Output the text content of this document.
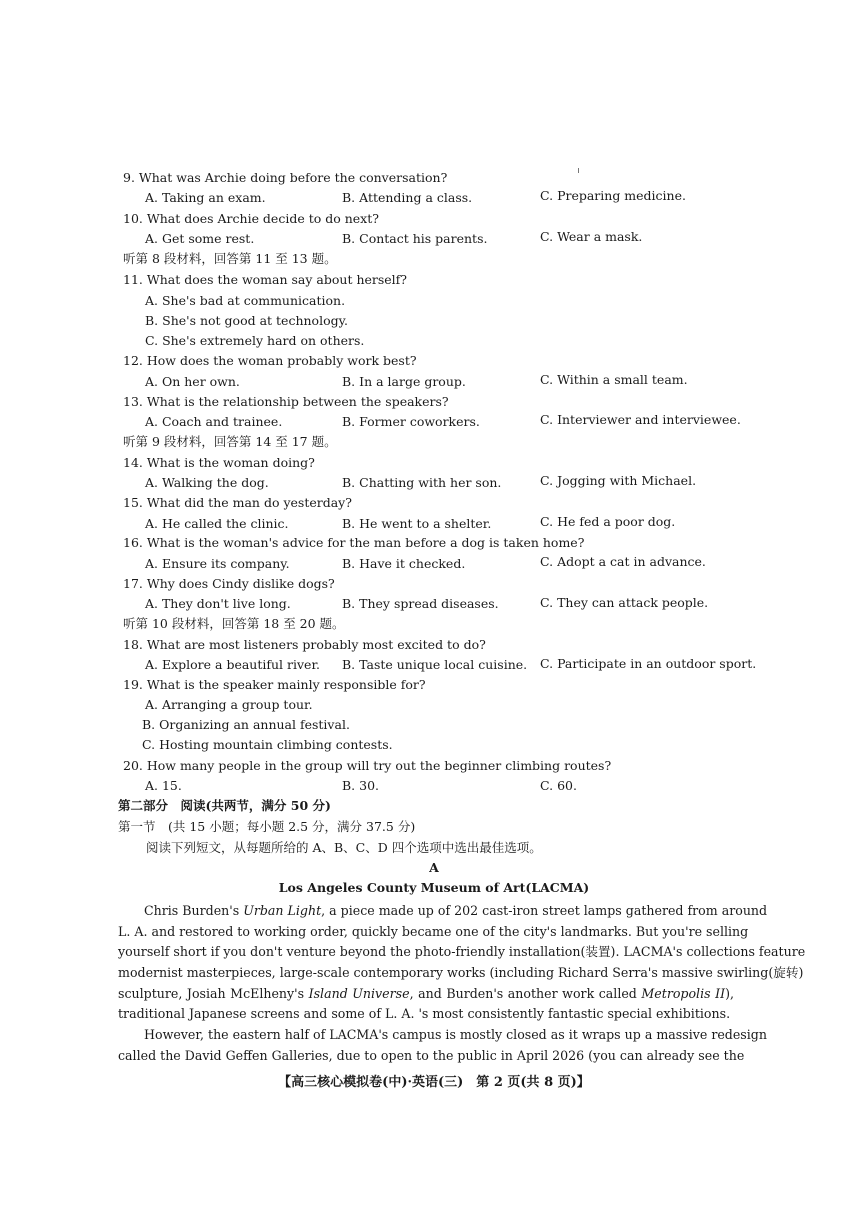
9. What was Archie doing before the conversation?
A. Taking an exam.	B. Attending a class.	C. Preparing medicine.
10. What does Archie decide to do next?
A. Get some rest.	B. Contact his parents.	C. Wear a mask.
听第 8 段材料，回答第 11 至 13 题。
11. What does the woman say about herself?
A. She's bad at communication.
B. She's not good at technology.
C. She's extremely hard on others.
12. How does the woman probably work best?
A. On her own.	B. In a large group.	C. Within a small team.
13. What is the relationship between the speakers?
A. Coach and trainee.	B. Former coworkers.	C. Interviewer and interviewee.
听第 9 段材料，回答第 14 至 17 题。
14. What is the woman doing?
A. Walking the dog.	B. Chatting with her son.	C. Jogging with Michael.
15. What did the man do yesterday?
A. He called the clinic.	B. He went to a shelter.	C. He fed a poor dog.
16. What is the woman's advice for the man before a dog is taken home?
A. Ensure its company.	B. Have it checked.	C. Adopt a cat in advance.
17. Why does Cindy dislike dogs?
A. They don't live long.	B. They spread diseases.	C. They can attack people.
听第 10 段材料，回答第 18 至 20 题。
18. What are most listeners probably most excited to do?
A. Explore a beautiful river. B. Taste unique local cuisine. C. Participate in an outdoor sport.
19. What is the speaker mainly responsible for?
A. Arranging a group tour.
B. Organizing an annual festival.
C. Hosting mountain climbing contests.
20. How many people in the group will try out the beginner climbing routes?
A. 15.	B. 30.	C. 60.
第二部分　阅读(共两节，满分 50 分)
第一节　(共 15 小题；每小题 2.5 分，满分 37.5 分)
阅读下列短文，从每题所给的 A、B、C、D 四个选项中选出最佳选项。
A
Los Angeles County Museum of Art(LACMA)
Chris Burden's Urban Light, a piece made up of 202 cast-iron street lamps gathered from around
L. A. and restored to working order, quickly became one of the city's landmarks. But you're selling
yourself short if you don't venture beyond the photo-friendly installation(装置). LACMA's collections feature
modernist masterpieces, large-scale contemporary works (including Richard Serra's massive swirling(旋转)
sculpture, Josiah McElheny's Island Universe, and Burden's another work called Metropolis II),
traditional Japanese screens and some of L. A. 's most consistently fantastic special exhibitions.
However, the eastern half of LACMA's campus is mostly closed as it wraps up a massive redesign
called the David Geffen Galleries, due to open to the public in April 2026 (you can already see the
【高三核心模拟卷(中)·英语(三)　第 2 页(共 8 页)】
